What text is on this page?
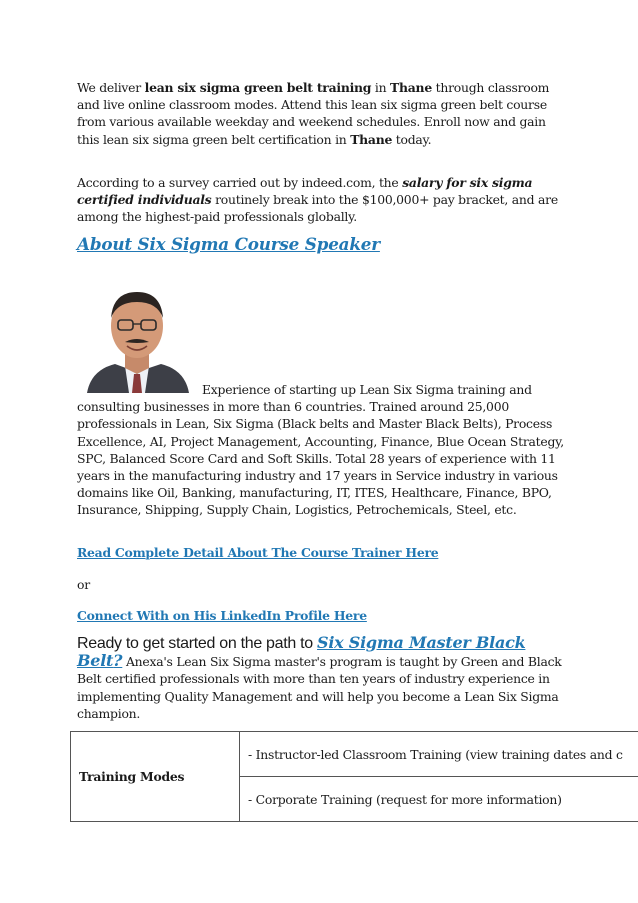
We deliver lean six sigma green belt training in Thane through classroom and live online classroom modes. Attend this lean six sigma green belt course from various available weekday and weekend schedules. Enroll now and gain this lean six sigma green belt certification in Thane today.

According to a survey carried out by indeed.com, the salary for six sigma certified individuals routinely break into the $100,000+ pay bracket, and are among the highest-paid professionals globally.

About Six Sigma Course Speaker

Experience of starting up Lean Six Sigma training and consulting businesses in more than 6 countries. Trained around 25,000 professionals in Lean, Six Sigma (Black belts and Master Black Belts), Process Excellence, AI, Project Management, Accounting, Finance, Blue Ocean Strategy, SPC, Balanced Score Card and Soft Skills. Total 28 years of experience with 11 years in the manufacturing industry and 17 years in Service industry in various domains like Oil, Banking, manufacturing, IT, ITES, Healthcare, Finance, BPO, Insurance, Shipping, Supply Chain, Logistics, Petrochemicals, Steel, etc.

Read Complete Detail About The Course Trainer Here

or

Connect With on His LinkedIn Profile Here

Ready to get started on the path to Six Sigma Master Black Belt? Anexa's Lean Six Sigma master's program is taught by Green and Black Belt certified professionals with more than ten years of industry experience in implementing Quality Management and will help you become a Lean Six Sigma champion.

Training Modes	- Instructor-led Classroom Training (view training dates and c
- Corporate Training (request for more information)
